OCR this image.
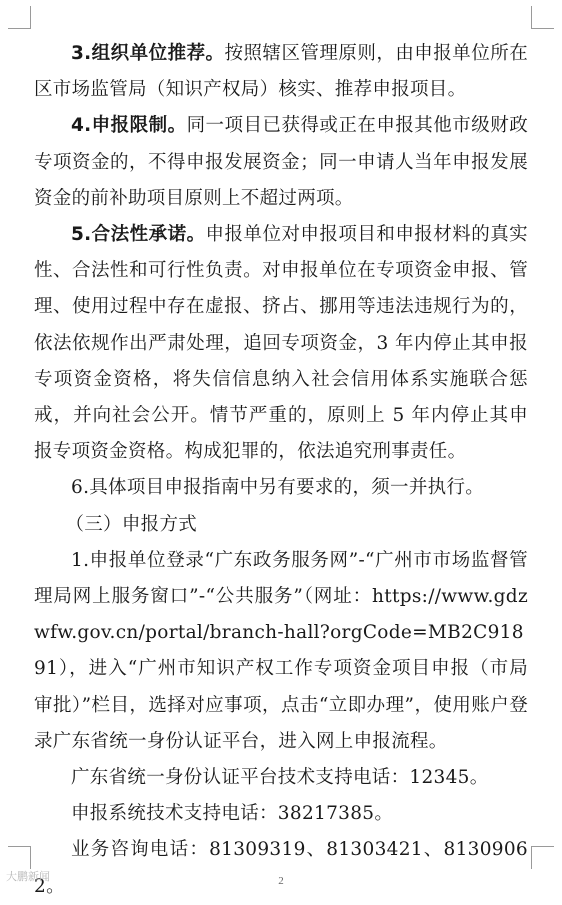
3.组织单位推荐。按照辖区管理原则，由申报单位所在区市场监管局（知识产权局）核实、推荐申报项目。

4.申报限制。同一项目已获得或正在申报其他市级财政专项资金的，不得申报发展资金；同一申请人当年申报发展资金的前补助项目原则上不超过两项。

5.合法性承诺。申报单位对申报项目和申报材料的真实性、合法性和可行性负责。对申报单位在专项资金申报、管理、使用过程中存在虚报、挤占、挪用等违法违规行为的，依法依规作出严肃处理，追回专项资金，3 年内停止其申报专项资金资格，将失信信息纳入社会信用体系实施联合惩戒，并向社会公开。情节严重的，原则上 5 年内停止其申报专项资金资格。构成犯罪的，依法追究刑事责任。

6.具体项目申报指南中另有要求的，须一并执行。

（三）申报方式

1.申报单位登录“广东政务服务网”-“广州市市场监督管理局网上服务窗口”-“公共服务”（网址：https://www.gdzwfw.gov.cn/portal/branch-hall?orgCode=MB2C91891），进入“广州市知识产权工作专项资金项目申报（市局审批）”栏目，选择对应事项，点击“立即办理”，使用账户登录广东省统一身份认证平台，进入网上申报流程。

广东省统一身份认证平台技术支持电话：12345。

申报系统技术支持电话：38217385。

业务咨询电话：81309319、81303421、81309062。

大鹏新闻	2
